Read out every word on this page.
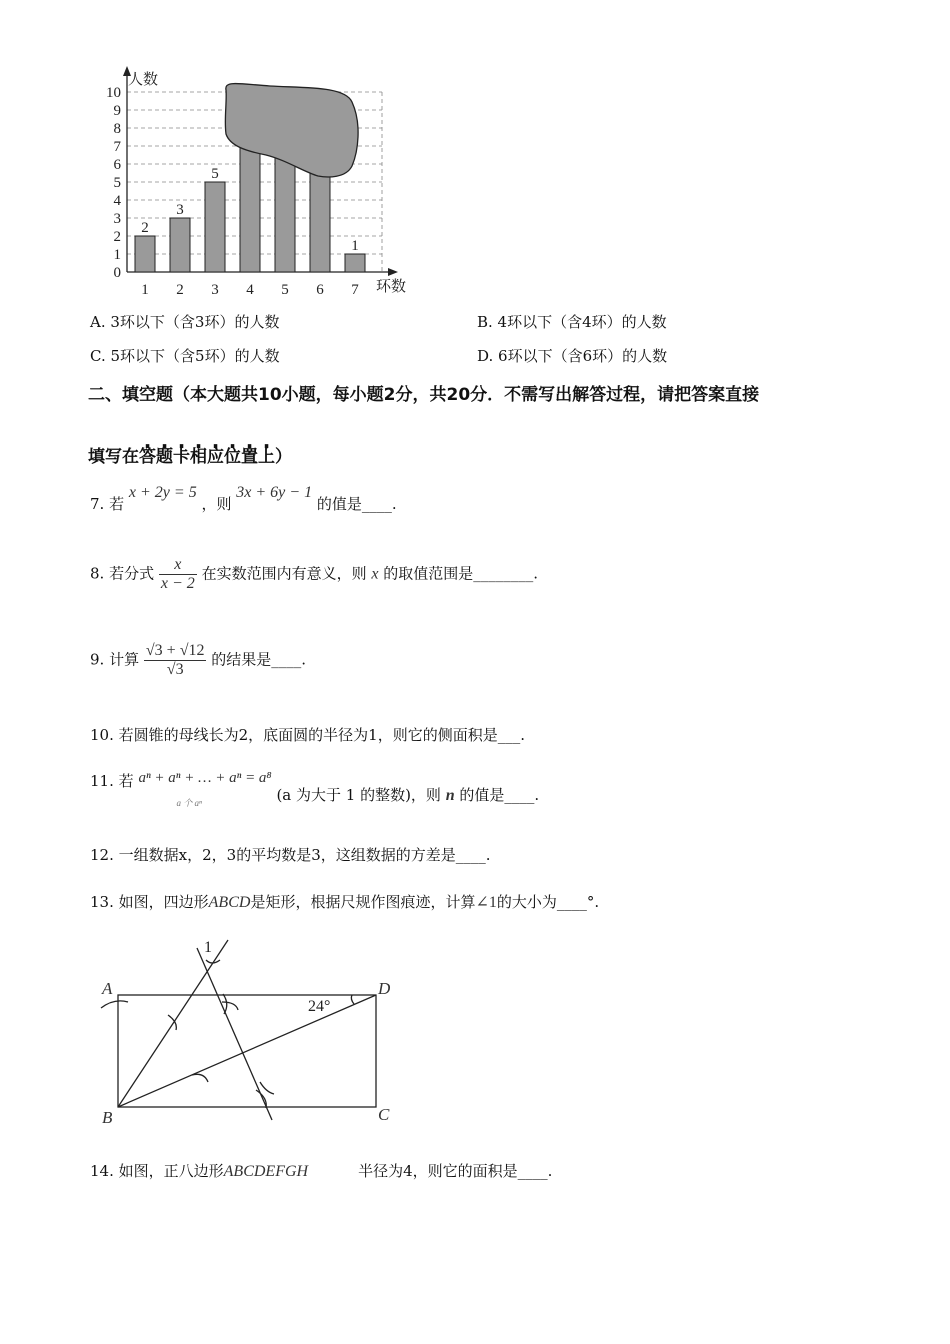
0
1
2
3
4
5
6
7
8
9
10
1
2
2
3
3
5
4 5 6 7
1
人数
环数
A. 3环以下（含3环）的人数	B. 4环以下（含4环）的人数
C. 5环以下（含5环）的人数	D. 6环以下（含6环）的人数
二、填空题（本大题共10小题，每小题2分，共20分．不需写出解答过程，请把答案直接
填写在答题卡相应位置上）
7. 若 x + 2y = 5 ，则 3x + 6y − 1 的值是____.
8. 若分式 $\frac{x}{x - 2}$ 在实数范围内有意义，则 x 的取值范围是________.
9. 计算 $\frac{√3 + √12}{√3}$ 的结果是____.
10. 若圆锥的母线长为2，底面圆的半径为1，则它的侧面积是___.
11. 若 aⁿ + aⁿ + … + aⁿ = a⁸
a 个 aⁿ	(a 为大于 1 的整数)，则 n 的值是____.
12. 一组数据x，2，3的平均数是3，这组数据的方差是____.
13. 如图，四边形ABCD是矩形，根据尺规作图痕迹，计算∠1的大小为____°.
A
B	C
D
24°
1
14. 如图，正八边形ABCDEFGH	半径为4，则它的面积是____.
